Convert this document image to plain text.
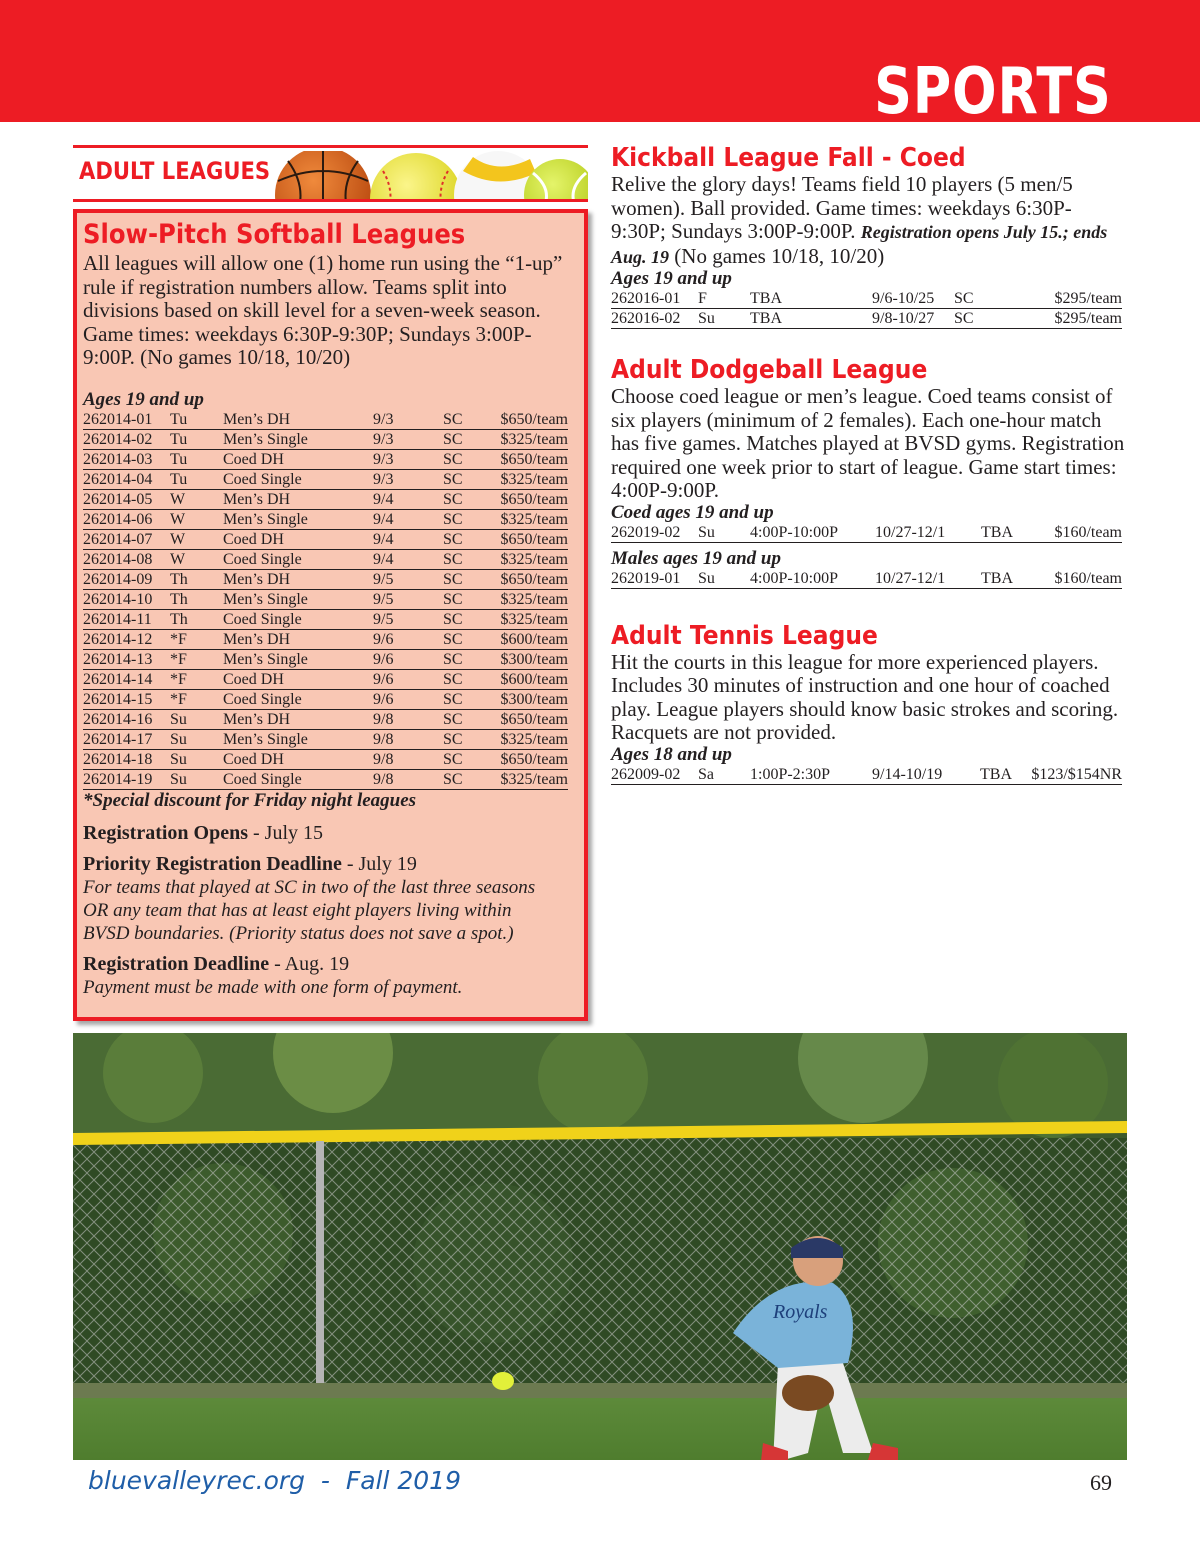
SPORTS
ADULT LEAGUES
Slow-Pitch Softball Leagues
All leagues will allow one (1) home run using the “1-up” rule if registration numbers allow. Teams split into divisions based on skill level for a seven-week season. Game times: weekdays 6:30P-9:30P; Sundays 3:00P-9:00P. (No games 10/18, 10/20)
Ages 19 and up
262014-01	Tu	Men’s DH	9/3	SC	$650/team
262014-02	Tu	Men’s Single	9/3	SC	$325/team
262014-03	Tu	Coed DH	9/3	SC	$650/team
262014-04	Tu	Coed Single	9/3	SC	$325/team
262014-05	W	Men’s DH	9/4	SC	$650/team
262014-06	W	Men’s Single	9/4	SC	$325/team
262014-07	W	Coed DH	9/4	SC	$650/team
262014-08	W	Coed Single	9/4	SC	$325/team
262014-09	Th	Men’s DH	9/5	SC	$650/team
262014-10	Th	Men’s Single	9/5	SC	$325/team
262014-11	Th	Coed Single	9/5	SC	$325/team
262014-12	*F	Men’s DH	9/6	SC	$600/team
262014-13	*F	Men’s Single	9/6	SC	$300/team
262014-14	*F	Coed DH	9/6	SC	$600/team
262014-15	*F	Coed Single	9/6	SC	$300/team
262014-16	Su	Men’s DH	9/8	SC	$650/team
262014-17	Su	Men’s Single	9/8	SC	$325/team
262014-18	Su	Coed DH	9/8	SC	$650/team
262014-19	Su	Coed Single	9/8	SC	$325/team
*Special discount for Friday night leagues
Registration Opens - July 15
Priority Registration Deadline - July 19
For teams that played at SC in two of the last three seasons OR any team that has at least eight players living within BVSD boundaries. (Priority status does not save a spot.)
Registration Deadline - Aug. 19
Payment must be made with one form of payment.
Kickball League Fall - Coed
Relive the glory days! Teams field 10 players (5 men/5 women). Ball provided. Game times: weekdays 6:30P-9:30P; Sundays 3:00P-9:00P. Registration opens July 15.; ends Aug. 19 (No games 10/18, 10/20)
Ages 19 and up
262016-01	F	TBA	9/6-10/25	SC	$295/team
262016-02	Su	TBA	9/8-10/27	SC	$295/team
Adult Dodgeball League
Choose coed league or men’s league. Coed teams consist of six players (minimum of 2 females). Each one-hour match has five games. Matches played at BVSD gyms. Registration required one week prior to start of league. Game start times: 4:00P-9:00P.
Coed ages 19 and up
262019-02	Su	4:00P-10:00P	10/27-12/1	TBA	$160/team
Males ages 19 and up
262019-01	Su	4:00P-10:00P	10/27-12/1	TBA	$160/team
Adult Tennis League
Hit the courts in this league for more experienced players. Includes 30 minutes of instruction and one hour of coached play. League players should know basic strokes and scoring. Racquets are not provided.
Ages 18 and up
262009-02	Sa	1:00P-2:30P	9/14-10/19	TBA	$123/$154NR
Royals
bluevalleyrec.org  -  Fall 2019	69
